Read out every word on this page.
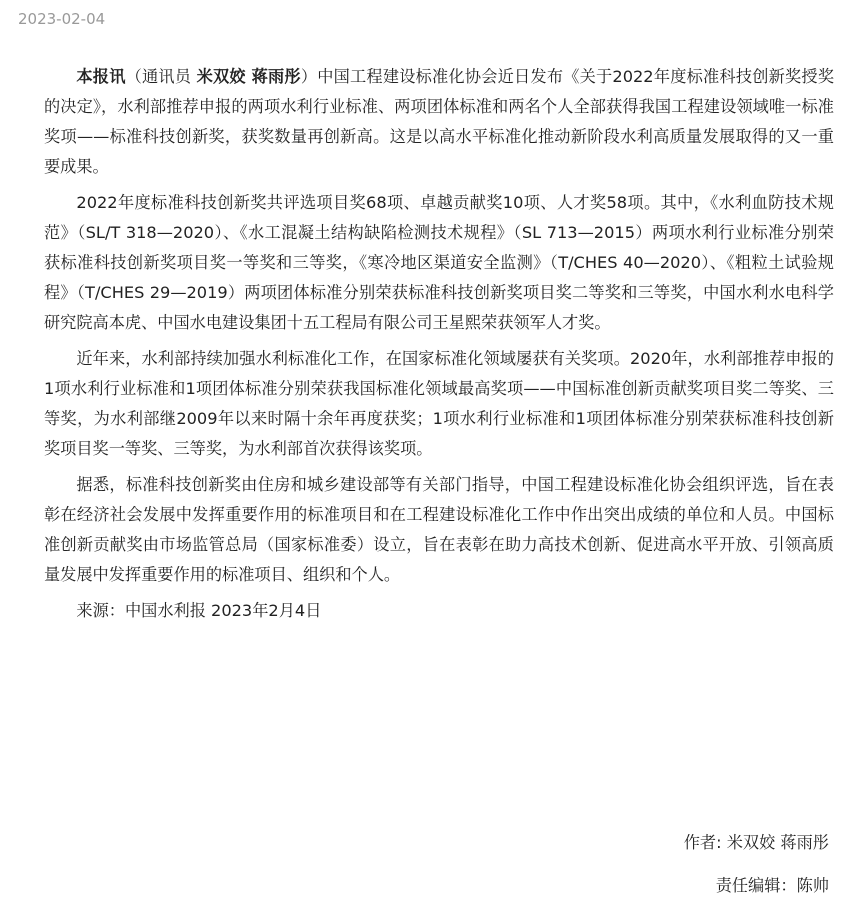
2023-02-04

本报讯（通讯员 米双姣 蒋雨彤）中国工程建设标准化协会近日发布《关于2022年度标准科技创新奖授奖的决定》，水利部推荐申报的两项水利行业标准、两项团体标准和两名个人全部获得我国工程建设领域唯一标准奖项——标准科技创新奖，获奖数量再创新高。这是以高水平标准化推动新阶段水利高质量发展取得的又一重要成果。

2022年度标准科技创新奖共评选项目奖68项、卓越贡献奖10项、人才奖58项。其中，《水利血防技术规范》（SL/T 318—2020）、《水工混凝土结构缺陷检测技术规程》（SL 713—2015）两项水利行业标准分别荣获标准科技创新奖项目奖一等奖和三等奖，《寒冷地区渠道安全监测》（T/CHES 40—2020）、《粗粒土试验规程》（T/CHES 29—2019）两项团体标准分别荣获标准科技创新奖项目奖二等奖和三等奖，中国水利水电科学研究院高本虎、中国水电建设集团十五工程局有限公司王星熙荣获领军人才奖。

近年来，水利部持续加强水利标准化工作，在国家标准化领域屡获有关奖项。2020年，水利部推荐申报的1项水利行业标准和1项团体标准分别荣获我国标准化领域最高奖项——中国标准创新贡献奖项目奖二等奖、三等奖，为水利部继2009年以来时隔十余年再度获奖；1项水利行业标准和1项团体标准分别荣获标准科技创新奖项目奖一等奖、三等奖，为水利部首次获得该奖项。

据悉，标准科技创新奖由住房和城乡建设部等有关部门指导，中国工程建设标准化协会组织评选，旨在表彰在经济社会发展中发挥重要作用的标准项目和在工程建设标准化工作中作出突出成绩的单位和人员。中国标准创新贡献奖由市场监管总局（国家标准委）设立，旨在表彰在助力高技术创新、促进高水平开放、引领高质量发展中发挥重要作用的标准项目、组织和个人。

来源：中国水利报 2023年2月4日

作者: 米双姣 蒋雨彤
责任编辑：陈帅
